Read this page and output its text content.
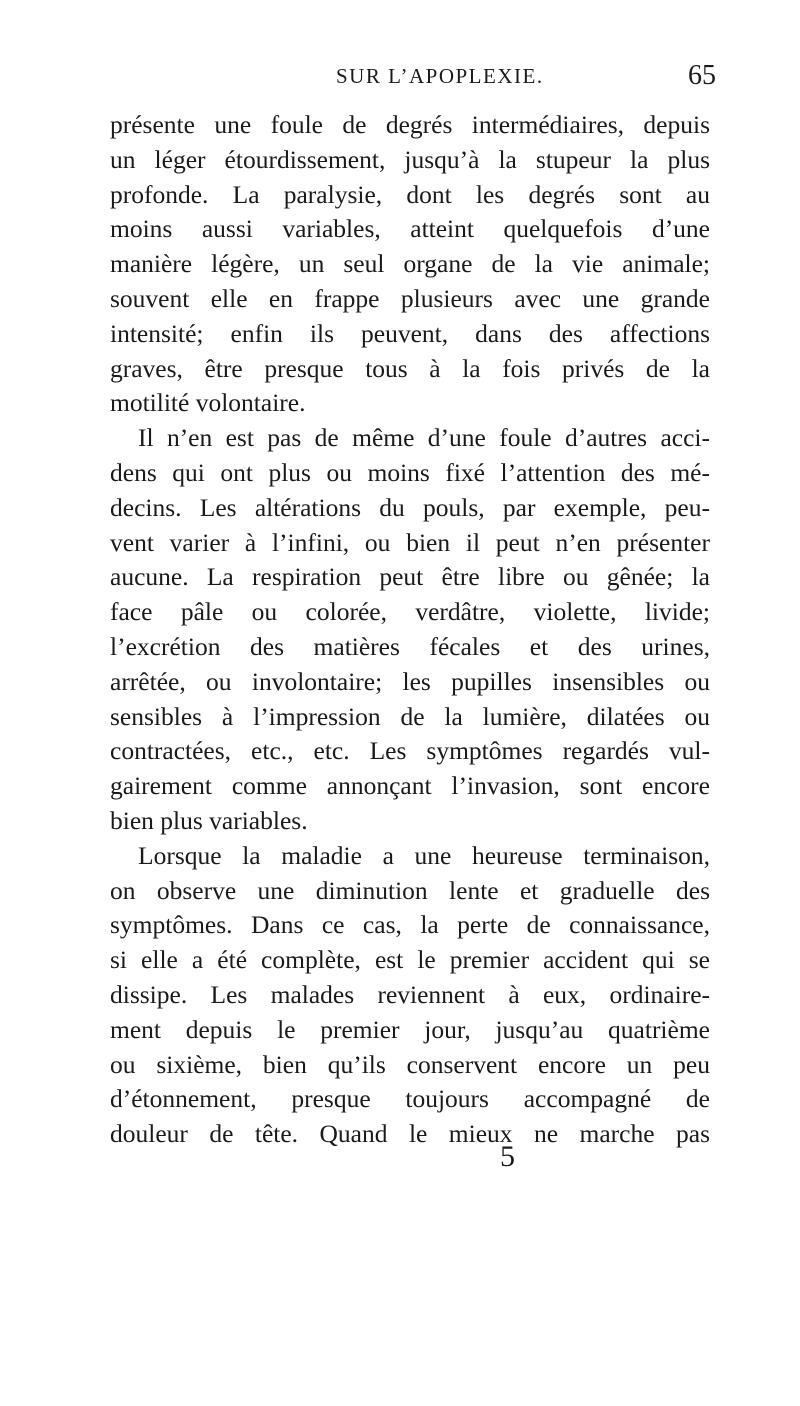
SUR L’APOPLEXIE.	65
présente une foule de degrés intermédiaires, depuis
un léger étourdissement, jusqu’à la stupeur la plus
profonde. La paralysie, dont les degrés sont au
moins aussi variables, atteint quelquefois d’une
manière légère, un seul organe de la vie animale;
souvent elle en frappe plusieurs avec une grande
intensité; enfin ils peuvent, dans des affections
graves, être presque tous à la fois privés de la
motilité volontaire.
Il n’en est pas de même d’une foule d’autres acci-
dens qui ont plus ou moins fixé l’attention des mé-
decins. Les altérations du pouls, par exemple, peu-
vent varier à l’infini, ou bien il peut n’en présenter
aucune. La respiration peut être libre ou gênée; la
face pâle ou colorée, verdâtre, violette, livide;
l’excrétion des matières fécales et des urines,
arrêtée, ou involontaire; les pupilles insensibles ou
sensibles à l’impression de la lumière, dilatées ou
contractées, etc., etc. Les symptômes regardés vul-
gairement comme annonçant l’invasion, sont encore
bien plus variables.
Lorsque la maladie a une heureuse terminaison,
on observe une diminution lente et graduelle des
symptômes. Dans ce cas, la perte de connaissance,
si elle a été complète, est le premier accident qui se
dissipe. Les malades reviennent à eux, ordinaire-
ment depuis le premier jour, jusqu’au quatrième
ou sixième, bien qu’ils conservent encore un peu
d’étonnement, presque toujours accompagné de
douleur de tête. Quand le mieux ne marche pas
5
